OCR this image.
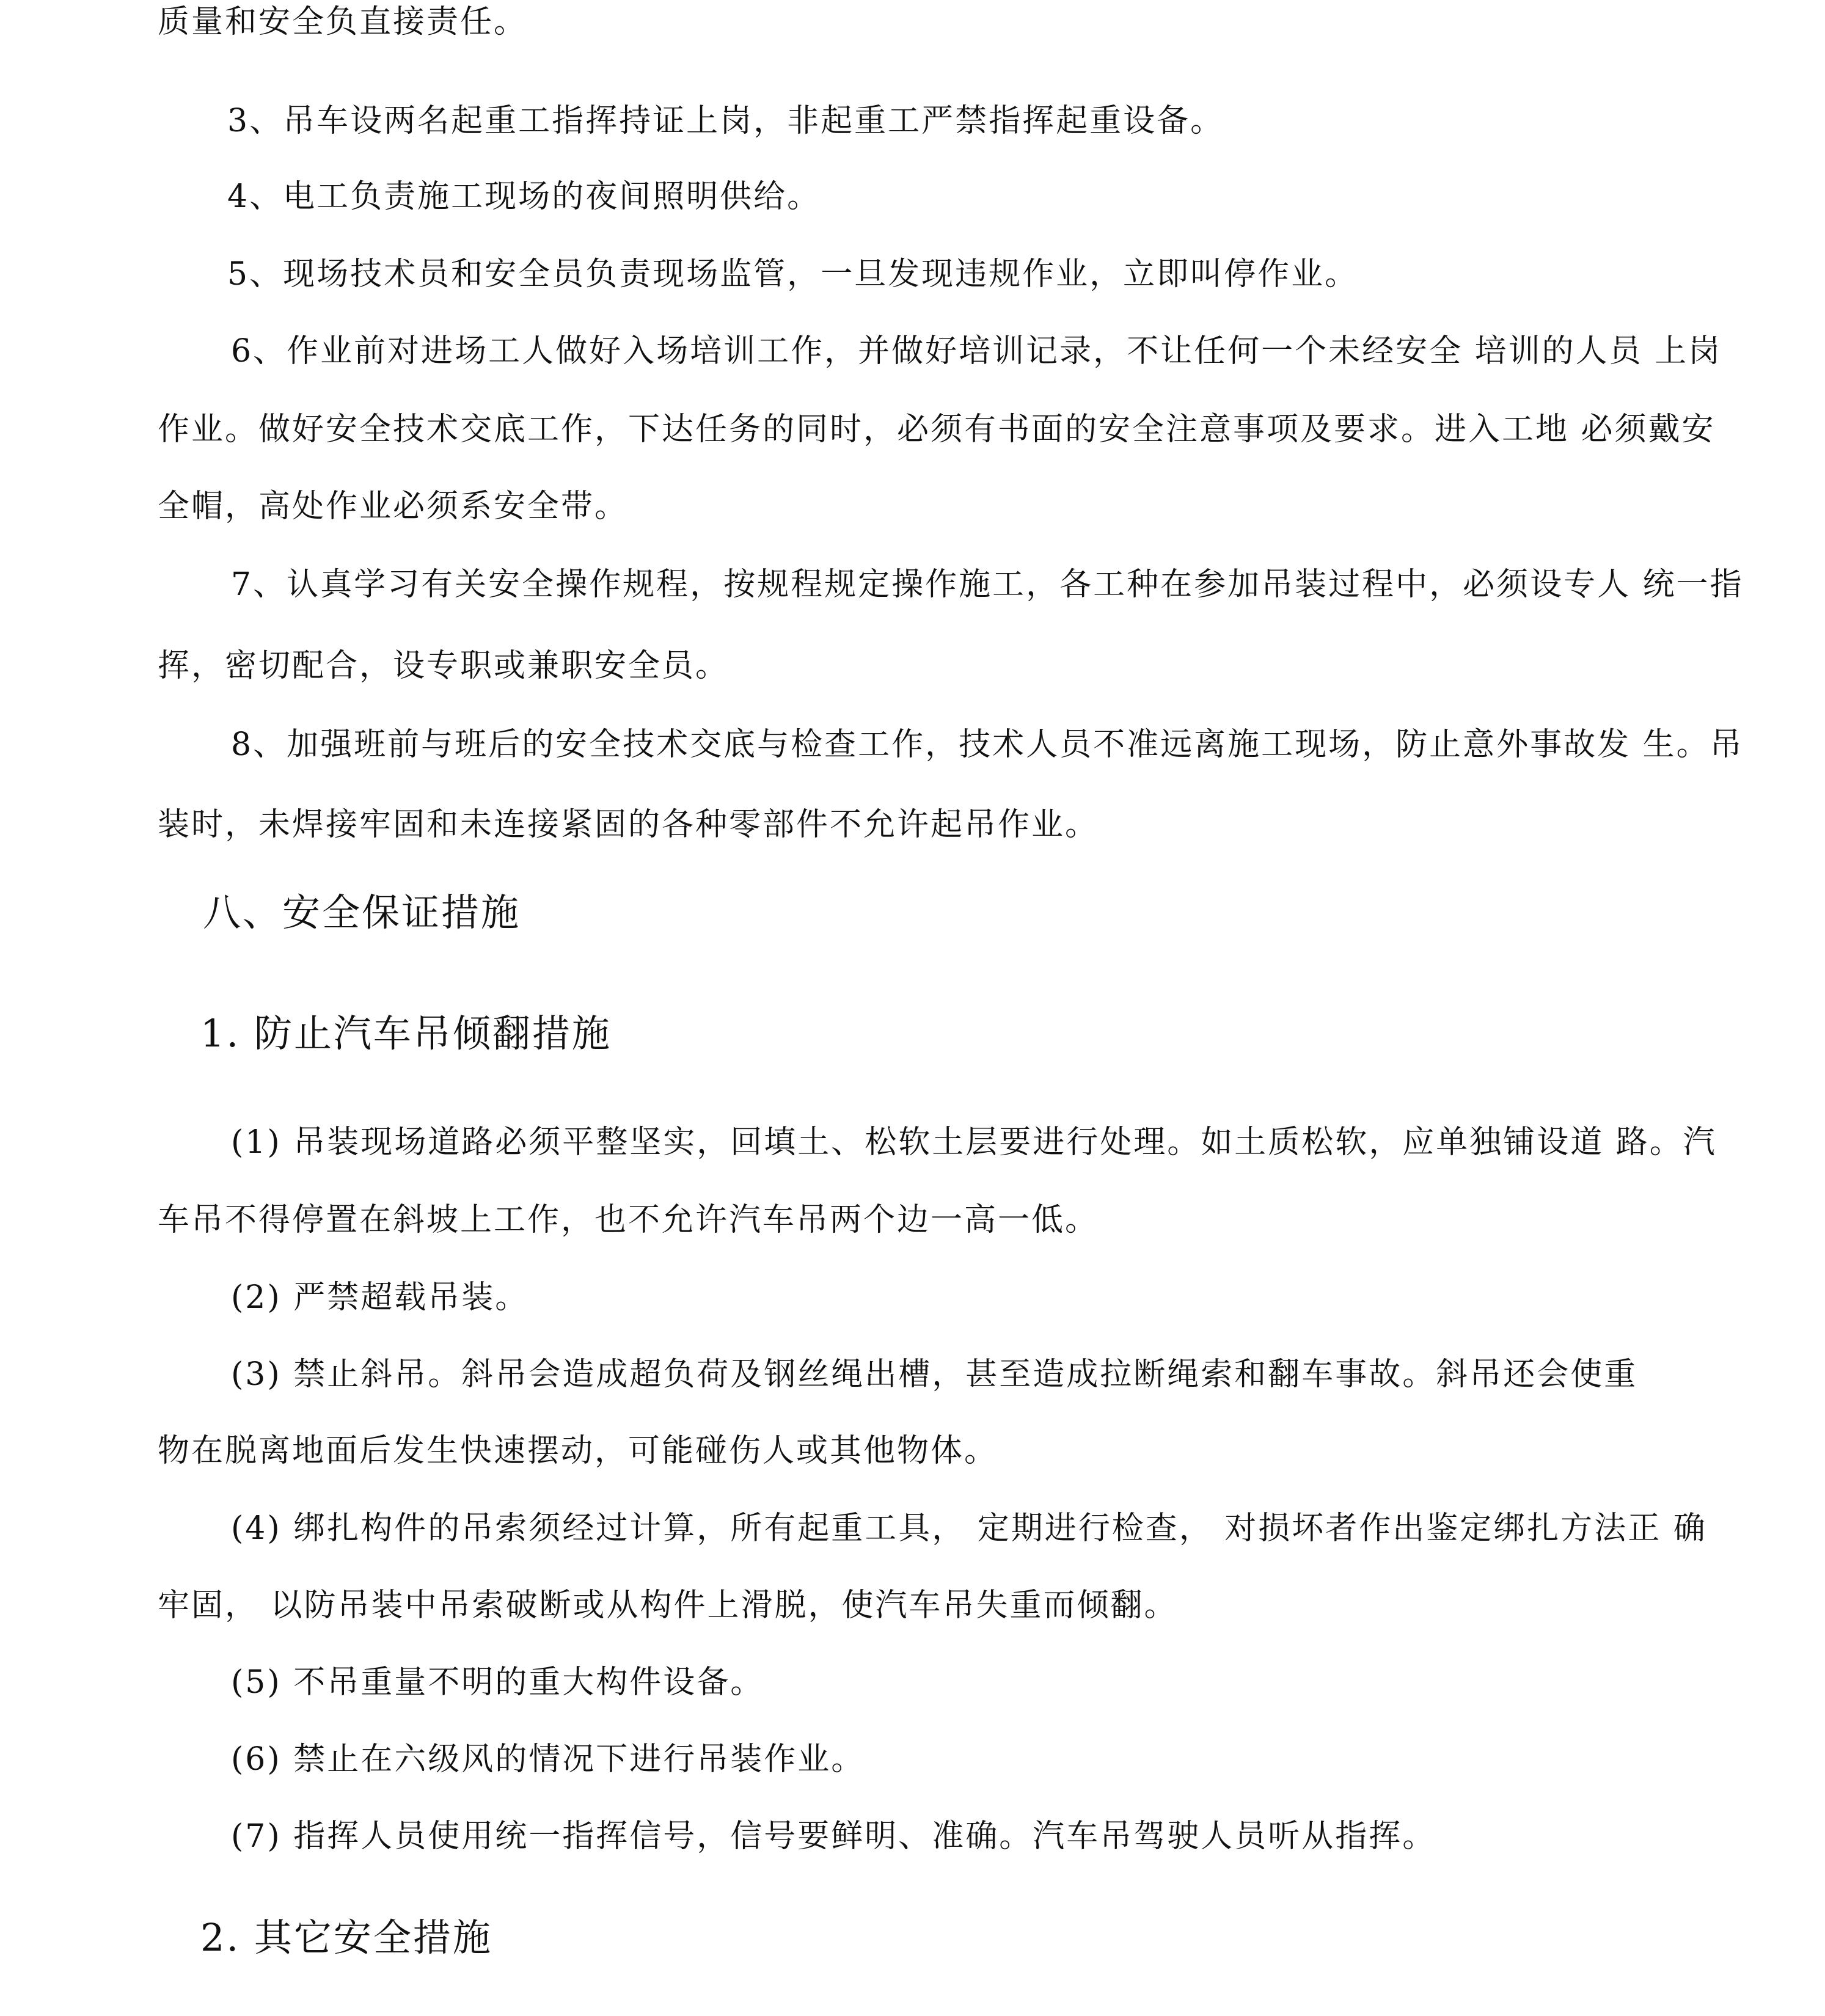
质量和安全负直接责任。
3、吊车设两名起重工指挥持证上岗，非起重工严禁指挥起重设备。
4、电工负责施工现场的夜间照明供给。
5、现场技术员和安全员负责现场监管，一旦发现违规作业，立即叫停作业。
6、作业前对进场工人做好入场培训工作，并做好培训记录，不让任何一个未经安全 培训的人员 上岗
作业。做好安全技术交底工作，下达任务的同时，必须有书面的安全注意事项及要求。进入工地 必须戴安
全帽，高处作业必须系安全带。
7、认真学习有关安全操作规程，按规程规定操作施工，各工种在参加吊装过程中，必须设专人 统一指
挥，密切配合，设专职或兼职安全员。
8、加强班前与班后的安全技术交底与检查工作，技术人员不准远离施工现场，防止意外事故发 生。吊
装时，未焊接牢固和未连接紧固的各种零部件不允许起吊作业。
八、安全保证措施
1. 防止汽车吊倾翻措施
(1) 吊装现场道路必须平整坚实，回填土、松软土层要进行处理。如土质松软，应单独铺设道 路。汽
车吊不得停置在斜坡上工作，也不允许汽车吊两个边一高一低。
(2) 严禁超载吊装。
(3) 禁止斜吊。斜吊会造成超负荷及钢丝绳出槽，甚至造成拉断绳索和翻车事故。斜吊还会使重
物在脱离地面后发生快速摆动，可能碰伤人或其他物体。
(4) 绑扎构件的吊索须经过计算，所有起重工具， 定期进行检查， 对损坏者作出鉴定绑扎方法正 确
牢固， 以防吊装中吊索破断或从构件上滑脱，使汽车吊失重而倾翻。
(5) 不吊重量不明的重大构件设备。
(6) 禁止在六级风的情况下进行吊装作业。
(7) 指挥人员使用统一指挥信号，信号要鲜明、准确。汽车吊驾驶人员听从指挥。
2. 其它安全措施
